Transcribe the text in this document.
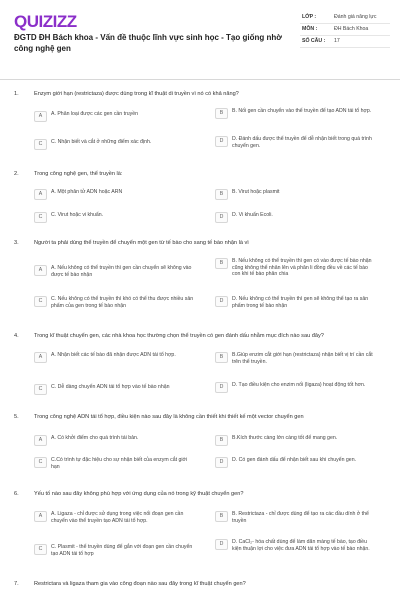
QUIZIZZ
ĐGTD ĐH Bách khoa - Vấn đề thuộc lĩnh vực sinh học - Tạo giống nhờ công nghệ gen
LỚP :	Đánh giá năng lực
MÔN :	ĐH Bách Khoa
SỐ CÂU :	17
1.	Enzym giới hạn (restrictaza) được dùng trong kĩ thuật di truyền vì nó có khả năng?
A	A. Phân loại được các gen cần truyền	B	B. Nối gen cần chuyển vào thể truyền để tạo ADN tái tổ hợp.
C	C. Nhận biết và cắt ở những điểm xác định.	D	D. Đánh dấu được thể truyền để dễ nhận biết trong quá trình chuyển gen.
2.	Trong công nghệ gen, thể truyền là:
A	A. Một phân tử ADN hoặc ARN	B	B. Virut hoặc plasmit
C	C. Virut hoặc vi khuẩn.	D	D. Vi khuẩn Ecoli.
3.	Người ta phải dùng thể truyền để chuyển một gen từ tế bào cho sang tế bào nhận là vì
A	A. Nếu không có thể truyền thì gen cần chuyển sẽ không vào được tế bào nhận
B	B. Nếu không có thể truyền thì gen có vào được tế bào nhận cũng không thể nhân lên và phân li đồng đều về các tế bào con khi tế bào phân chia
C	C. Nếu không có thể truyền thì khó có thể thu được nhiều sản phẩm của gen trong tế bào nhận
D	D. Nếu không có thể truyền thì gen sẽ không thể tạo ra sản phẩm trong tế bào nhận
4.	Trong kĩ thuật chuyển gen, các nhà khoa học thường chọn thể truyền có gen đánh dấu nhằm mục đích nào sau đây?
A	A. Nhận biết các tế bào đã nhận được ADN tái tổ hợp.	B	B.Giúp enzim cắt giới hạn (restrictaza) nhận biết vị trí cần cắt trên thể truyền.
C	C. Dễ dàng chuyển ADN tái tổ hợp vào tế bào nhận	D	D. Tạo điều kiện cho enzim nối (ligaza) hoạt động tốt hơn.
5.	Trong công nghệ ADN tái tổ hợp, điều kiện nào sau đây là không cần thiết khi thiết kế một vector chuyển gen
A	A. Có khởi điểm cho quá trình tái bản.	B	B.Kích thước càng lớn càng tốt để mang gen.
C	C.Có trình tự đặc hiệu cho sự nhận biết của enzym cắt giới hạn
D	D. Có gen đánh dấu để nhận biết sau khi chuyển gen.
6.	Yếu tố nào sau đây không phù hợp với ứng dụng của nó trong kỹ thuật chuyển gen?
A	A. Ligaza - chỉ được sử dụng trong việc nối đoạn gen cần chuyển vào thể truyền tạo ADN tái tổ hợp.
B	B. Restrictaza - chỉ được dùng để tạo ra các đầu dính ở thể truyền
C	C. Plasmit - thể truyền dùng để gắn với đoạn gen cần chuyển tạo ADN tái tổ hợp
D	D. CaCl₂- hóa chất dùng để làm dãn màng tế bào, tạo điều kiện thuận lợi cho việc đưa ADN tái tổ hợp vào tế bào nhận.
7.	Restrictara và ligaza tham gia vào công đoạn nào sau đây trong kĩ thuật chuyển gen?
